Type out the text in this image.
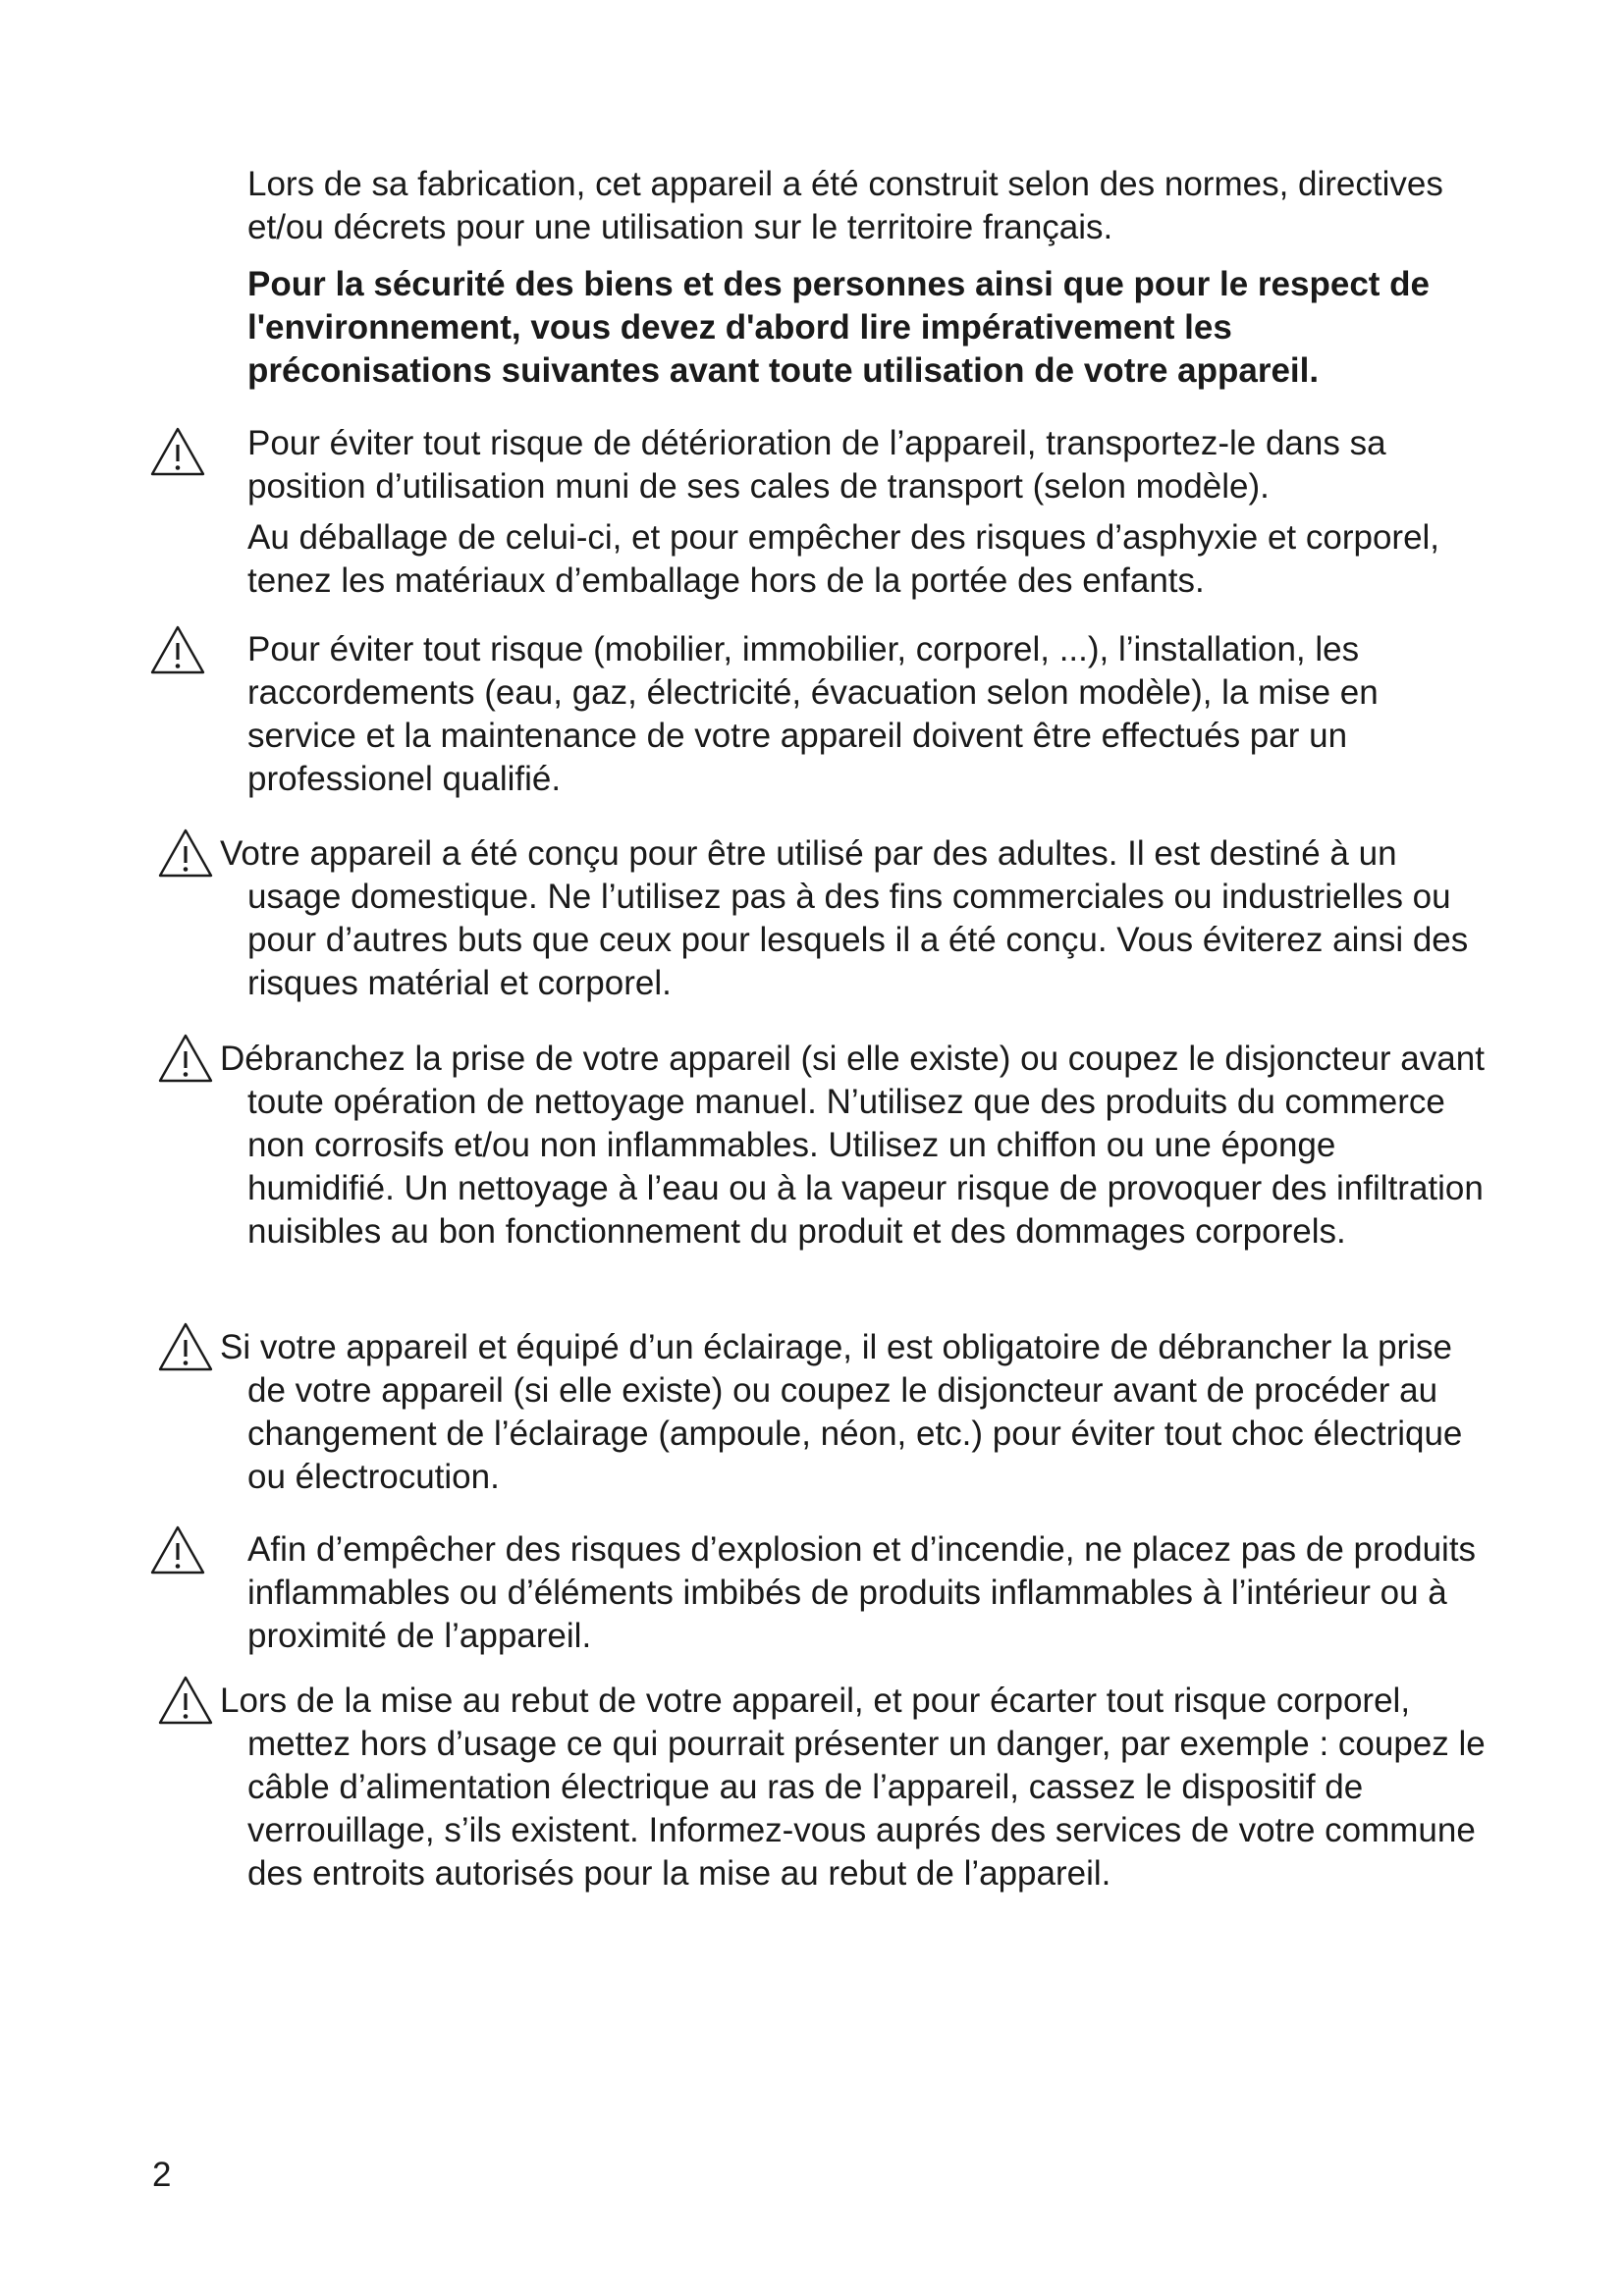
Lors de sa fabrication, cet appareil a été construit selon des normes, directives et/ou décrets pour une utilisation sur le territoire français.

Pour la sécurité des biens et des personnes ainsi que pour le respect de l'environnement, vous devez d'abord lire impérativement les préconisations suivantes avant toute utilisation de votre appareil.

Pour éviter tout risque de détérioration de l’appareil, transportez-le dans sa position d’utilisation muni de ses cales de transport (selon modèle).

Au déballage de celui-ci, et pour empêcher des risques d’asphyxie et corporel, tenez les matériaux d’emballage hors de la portée des enfants.

Pour éviter tout risque (mobilier, immobilier, corporel, ...), l’installation, les raccordements (eau, gaz, électricité, évacuation selon modèle), la mise en service et la maintenance de votre appareil doivent être effectués par un professionel qualifié.

Votre appareil a été conçu pour être utilisé par des adultes. Il est destiné à un usage domestique. Ne l’utilisez pas à des fins commerciales ou industrielles ou pour d’autres buts que ceux pour lesquels il a été conçu. Vous éviterez ainsi des risques matérial et corporel.

Débranchez la prise de votre appareil (si elle existe) ou coupez le disjoncteur avant toute opération de nettoyage manuel. N’utilisez que des produits du commerce non corrosifs et/ou non inflammables. Utilisez un chiffon ou une éponge humidifié. Un nettoyage à l’eau ou à la vapeur risque de provoquer des infiltration nuisibles au bon fonctionnement du produit et des dommages corporels.

Si votre appareil et équipé d’un éclairage, il est obligatoire de débrancher la prise de votre appareil (si elle existe) ou coupez le disjoncteur avant de procéder au changement de l’éclairage (ampoule, néon, etc.) pour éviter tout choc électrique ou électrocution.

Afin d’empêcher des risques d’explosion et d’incendie, ne placez pas de produits inflammables ou d’éléments imbibés de produits inflammables à l’intérieur ou à proximité de l’appareil.

Lors de la mise au rebut de votre appareil, et pour écarter tout risque corporel, mettez hors d’usage ce qui pourrait présenter un danger, par exemple : coupez le câble d’alimentation électrique au ras de l’appareil, cassez le dispositif de verrouillage, s’ils existent. Informez-vous auprés des services de votre commune des entroits autorisés pour la mise au rebut de l’appareil.

2
